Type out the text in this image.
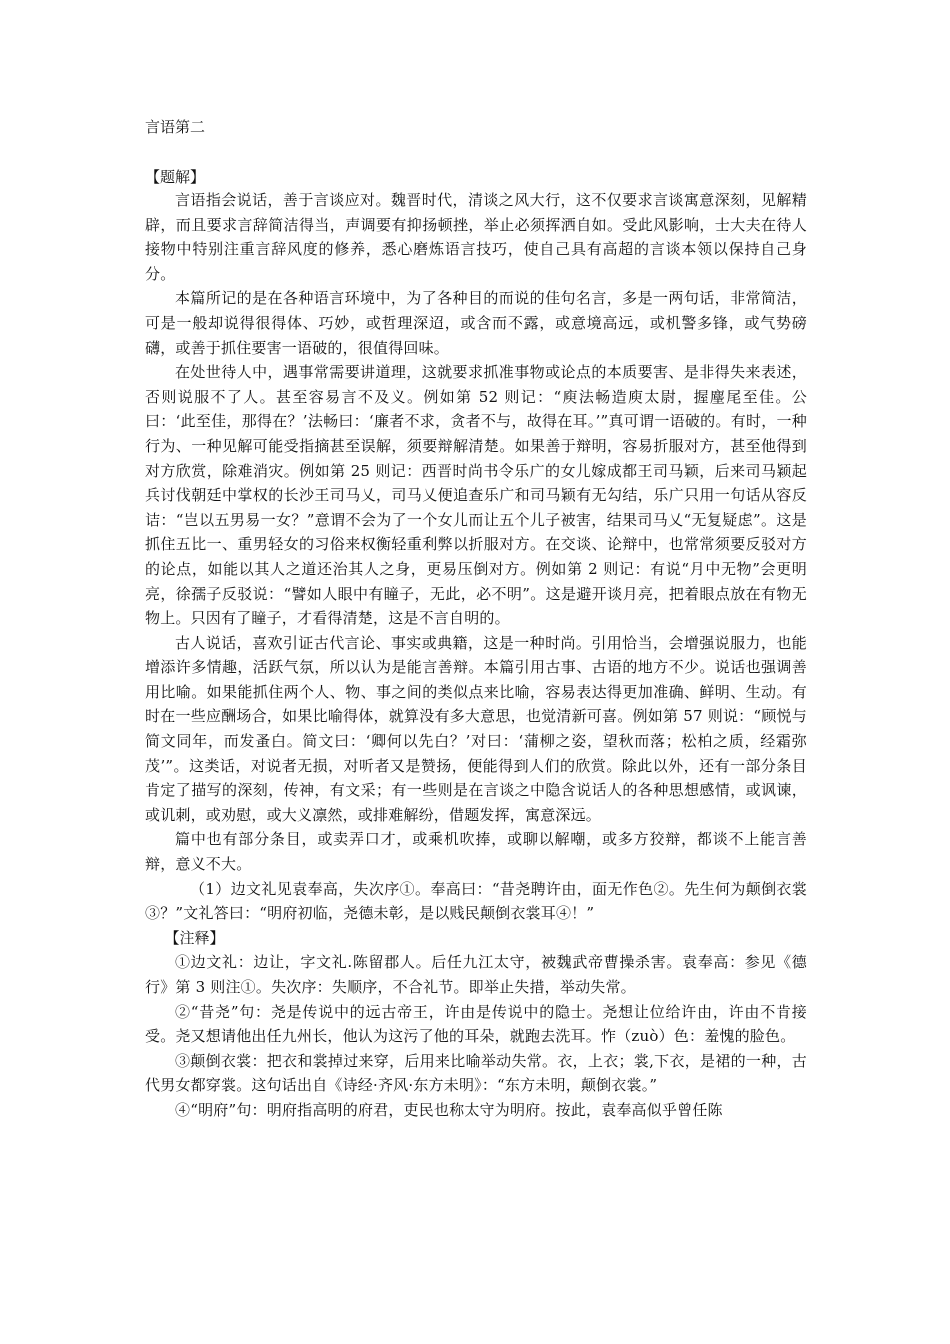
言语第二
【题解】

言语指会说话，善于言谈应对。魏晋时代，清谈之风大行，这不仅要求言谈寓意深刻，见解精辟，而且要求言辞简洁得当，声调要有抑扬顿挫，举止必须挥洒自如。受此风影响，士大夫在待人接物中特别注重言辞风度的修养，悉心磨炼语言技巧，使自己具有高超的言谈本领以保持自己身分。

本篇所记的是在各种语言环境中，为了各种目的而说的佳句名言，多是一两句话，非常简洁，可是一般却说得很得体、巧妙，或哲理深迢，或含而不露，或意境高远，或机警多锋，或气势磅礴，或善于抓住要害一语破的，很值得回味。

在处世待人中，遇事常需要讲道理，这就要求抓准事物或论点的本质要害、是非得失来表述，否则说服不了人。甚至容易言不及义。例如第 52 则记：“庾法畅造庾太尉，握麈尾至佳。公曰：‘此至佳，那得在？’法畅曰：‘廉者不求，贪者不与，故得在耳。’”真可谓一语破的。有时，一种行为、一种见解可能受指摘甚至误解，须要辩解清楚。如果善于辩明，容易折服对方，甚至他得到对方欣赏，除难消灾。例如第 25 则记：西晋时尚书令乐广的女儿嫁成都王司马颖，后来司马颖起兵讨伐朝廷中掌权的长沙王司马乂，司马乂便追查乐广和司马颖有无勾结，乐广只用一句话从容反诘：“岂以五男易一女？”意谓不会为了一个女儿而让五个儿子被害，结果司马乂“无复疑虑”。这是抓住五比一、重男轻女的习俗来权衡轻重利弊以折服对方。在交谈、论辩中，也常常须要反驳对方的论点，如能以其人之道还治其人之身，更易压倒对方。例如第 2 则记：有说“月中无物”会更明亮，徐孺子反驳说：“譬如人眼中有瞳子，无此，必不明”。这是避开谈月亮，把着眼点放在有物无物上。只因有了瞳子，才看得清楚，这是不言自明的。

古人说话，喜欢引证古代言论、事实或典籍，这是一种时尚。引用恰当，会增强说服力，也能增添许多情趣，活跃气氛，所以认为是能言善辩。本篇引用古事、古语的地方不少。说话也强调善用比喻。如果能抓住两个人、物、事之间的类似点来比喻，容易表达得更加准确、鲜明、生动。有时在一些应酬场合，如果比喻得体，就算没有多大意思，也觉清新可喜。例如第 57 则说：“顾悦与简文同年，而发蚤白。简文曰：‘卿何以先白？’对曰：‘蒲柳之姿，望秋而落；松柏之质，经霜弥茂’”。这类话，对说者无损，对听者又是赞扬，便能得到人们的欣赏。除此以外，还有一部分条目肯定了描写的深刻，传神，有文采；有一些则是在言谈之中隐含说话人的各种思想感情，或讽谏，或讥刺，或劝慰，或大义凛然，或排难解纷，借题发挥，寓意深远。

篇中也有部分条目，或卖弄口才，或乘机吹捧，或聊以解嘲，或多方狡辩，都谈不上能言善辩，意义不大。

（1）边文礼见袁奉高，失次序①。奉高曰：“昔尧聘许由，面无作色②。先生何为颠倒衣裳③？”文礼答曰：“明府初临，尧德未彰，是以贱民颠倒衣裳耳④！”

【注释】

①边文礼：边让，字文礼.陈留郡人。后任九江太守，被魏武帝曹操杀害。袁奉高：参见《德行》第 3 则注①。失次序：失顺序，不合礼节。即举止失措，举动失常。

②“昔尧”句：尧是传说中的远古帝王，许由是传说中的隐士。尧想让位给许由，许由不肯接受。尧又想请他出任九州长，他认为这污了他的耳朵，就跑去洗耳。怍（zuò）色：羞愧的脸色。

③颠倒衣裳：把衣和裳掉过来穿，后用来比喻举动失常。衣，上衣；裳,下衣，是裙的一种，古代男女都穿裳。这句话出自《诗经·齐风·东方未明》：“东方未明，颠倒衣裳。”

④“明府”句：明府指高明的府君，吏民也称太守为明府。按此，袁奉高似乎曾任陈
